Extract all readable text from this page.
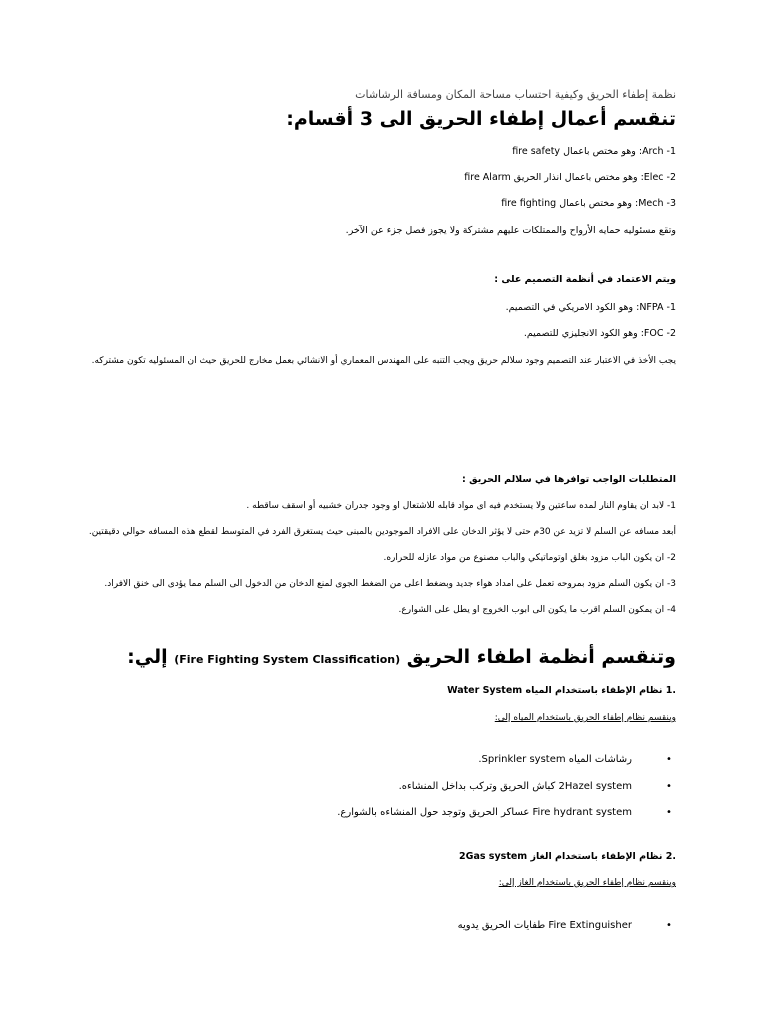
نظمة إطفاء الحريق وكيفية احتساب مساحة المكان ومسافة الرشاشات
تنقسم أعمال إطفاء الحريق الى 3 أقسام:
Arch -1: وهو مختص باعمال fire safety
Elec -2: وهو مختص باعمال انذار الحريق fire Alarm
Mech -3: وهو مختص باعمال fire fighting
وتقع مسئوليه حمايه الأرواح والممتلكات عليهم مشتركة ولا يجوز فصل جزء عن الآخر.
ويتم الاعتماد في أنظمة التصميم على :
NFPA -1: وهو الكود الامريكي في التصميم.
FOC -2: وهو الكود الانجليزي للتصميم.
يجب الأخذ في الاعتبار عند التصميم وجود سلالم حريق ويجب التنبه على المهندس المعماري أو الانشائي بعمل مخارج للحريق حيث ان المسئوليه تكون مشتركه.
المتطلبات الواجب توافرها في سلالم الحريق :
1- لابد ان يقاوم النار لمده ساعتين ولا يستخدم فيه اى مواد قابله للاشتعال او وجود جدران خشبيه أو اسقف ساقطه .
أبعد مسافه عن السلم لا تزيد عن 30م حتى لا يؤثر الدخان على الافراد الموجودين بالمبنى حيث يستغرق الفرد في المتوسط لقطع هذه المسافه حوالي دقيقتين.
2- ان يكون الباب مزود بغلق اوتوماتيكي والباب مصنوع من مواد عازله للحراره.
3- ان يكون السلم مزود بمروحه تعمل على امداد هواء جديد وبضغط اعلى من الضغط الجوى لمنع الدخان من الدخول الى السلم مما يؤدى الى خنق الافراد.
4- ان يمكون السلم اقرب ما يكون الى ابوب الخروج او يطل على الشوارع.
وتنقسم أنظمة اطفاء الحريق (Fire Fighting System Classification) إلي:
.1 نظام الإطفاء باستخدام المياه Water System
وينقسم نظام إطفاء الحريق باستخدام المياه إلى:
•رشاشات المياه Sprinkler system.
•2Hazel system كباش الحريق وتركب بداخل المنشاءه.
•Fire hydrant system عساكر الحريق وتوجد حول المنشاءه بالشوارع.
.2 نظام الإطفاء باستخدام الغاز 2Gas system
وينقسم نظام إطفاء الحريق باستخدام الغاز إلى:
•Fire Extinguisher طفايات الحريق يدويه
